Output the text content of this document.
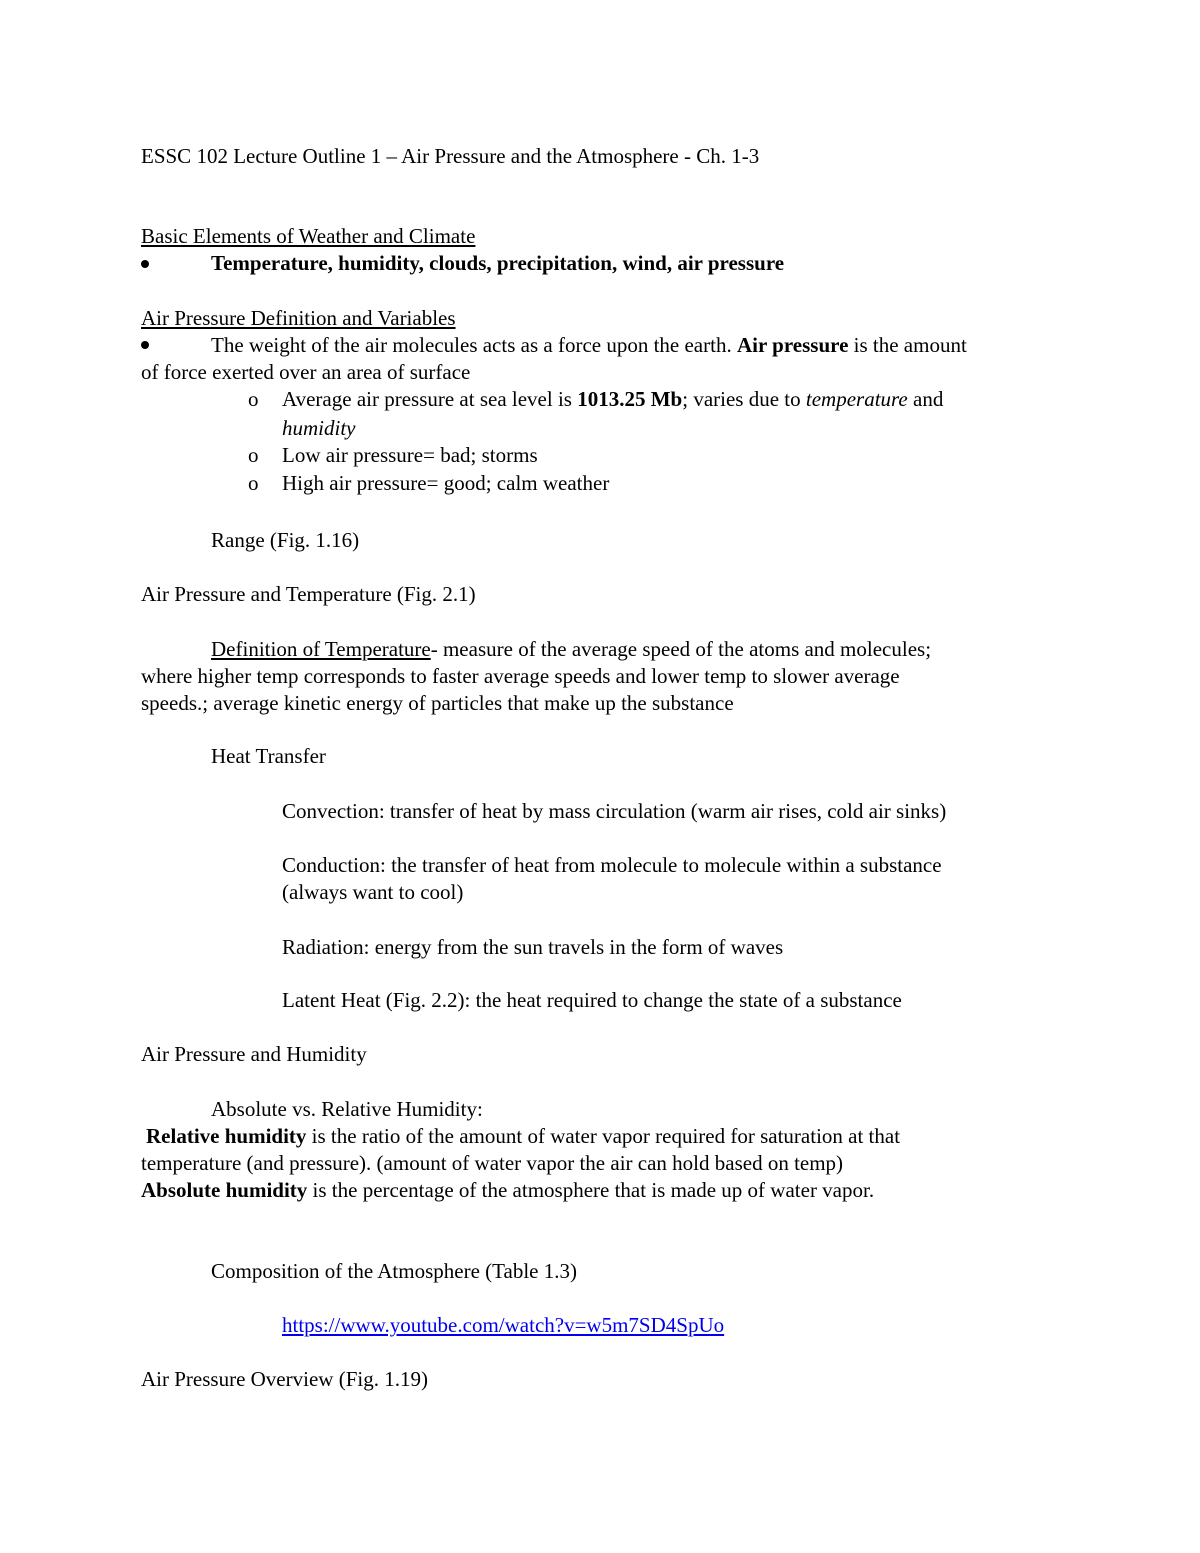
ESSC 102 Lecture Outline 1 – Air Pressure and the Atmosphere - Ch. 1-3
Basic Elements of Weather and Climate
Temperature, humidity, clouds, precipitation, wind, air pressure
Air Pressure Definition and Variables
The weight of the air molecules acts as a force upon the earth. Air pressure is the amount
of force exerted over an area of surface
o Average air pressure at sea level is 1013.25 Mb; varies due to temperature and
humidity
o Low air pressure= bad; storms
o High air pressure= good; calm weather
Range (Fig. 1.16)
Air Pressure and Temperature (Fig. 2.1)
Definition of Temperature- measure of the average speed of the atoms and molecules;
where higher temp corresponds to faster average speeds and lower temp to slower average
speeds.; average kinetic energy of particles that make up the substance
Heat Transfer
Convection: transfer of heat by mass circulation (warm air rises, cold air sinks)
Conduction: the transfer of heat from molecule to molecule within a substance
(always want to cool)
Radiation: energy from the sun travels in the form of waves
Latent Heat (Fig. 2.2): the heat required to change the state of a substance
Air Pressure and Humidity
Absolute vs. Relative Humidity:
Relative humidity is the ratio of the amount of water vapor required for saturation at that
temperature (and pressure). (amount of water vapor the air can hold based on temp)
Absolute humidity is the percentage of the atmosphere that is made up of water vapor.
Composition of the Atmosphere (Table 1.3)
https://www.youtube.com/watch?v=w5m7SD4SpUo
Air Pressure Overview (Fig. 1.19)
